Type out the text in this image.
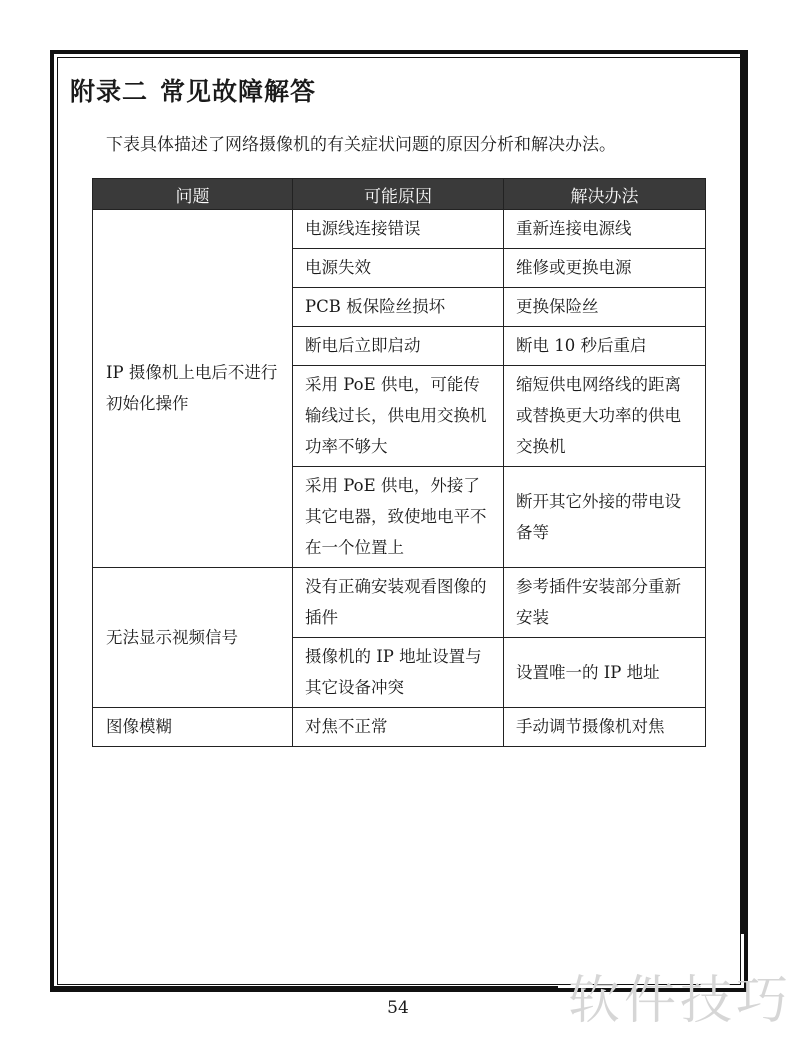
附录二 常见故障解答

下表具体描述了网络摄像机的有关症状问题的原因分析和解决办法。

问题	可能原因	解决办法
IP 摄像机上电后不进行初始化操作	电源线连接错误	重新连接电源线
	电源失效	维修或更换电源
	PCB 板保险丝损坏	更换保险丝
	断电后立即启动	断电 10 秒后重启
	采用 PoE 供电，可能传输线过长，供电用交换机功率不够大	缩短供电网络线的距离或替换更大功率的供电交换机
	采用 PoE 供电，外接了其它电器，致使地电平不在一个位置上	断开其它外接的带电设备等
无法显示视频信号	没有正确安装观看图像的插件	参考插件安装部分重新安装
	摄像机的 IP 地址设置与其它设备冲突	设置唯一的 IP 地址
图像模糊	对焦不正常	手动调节摄像机对焦
54	软件技巧
